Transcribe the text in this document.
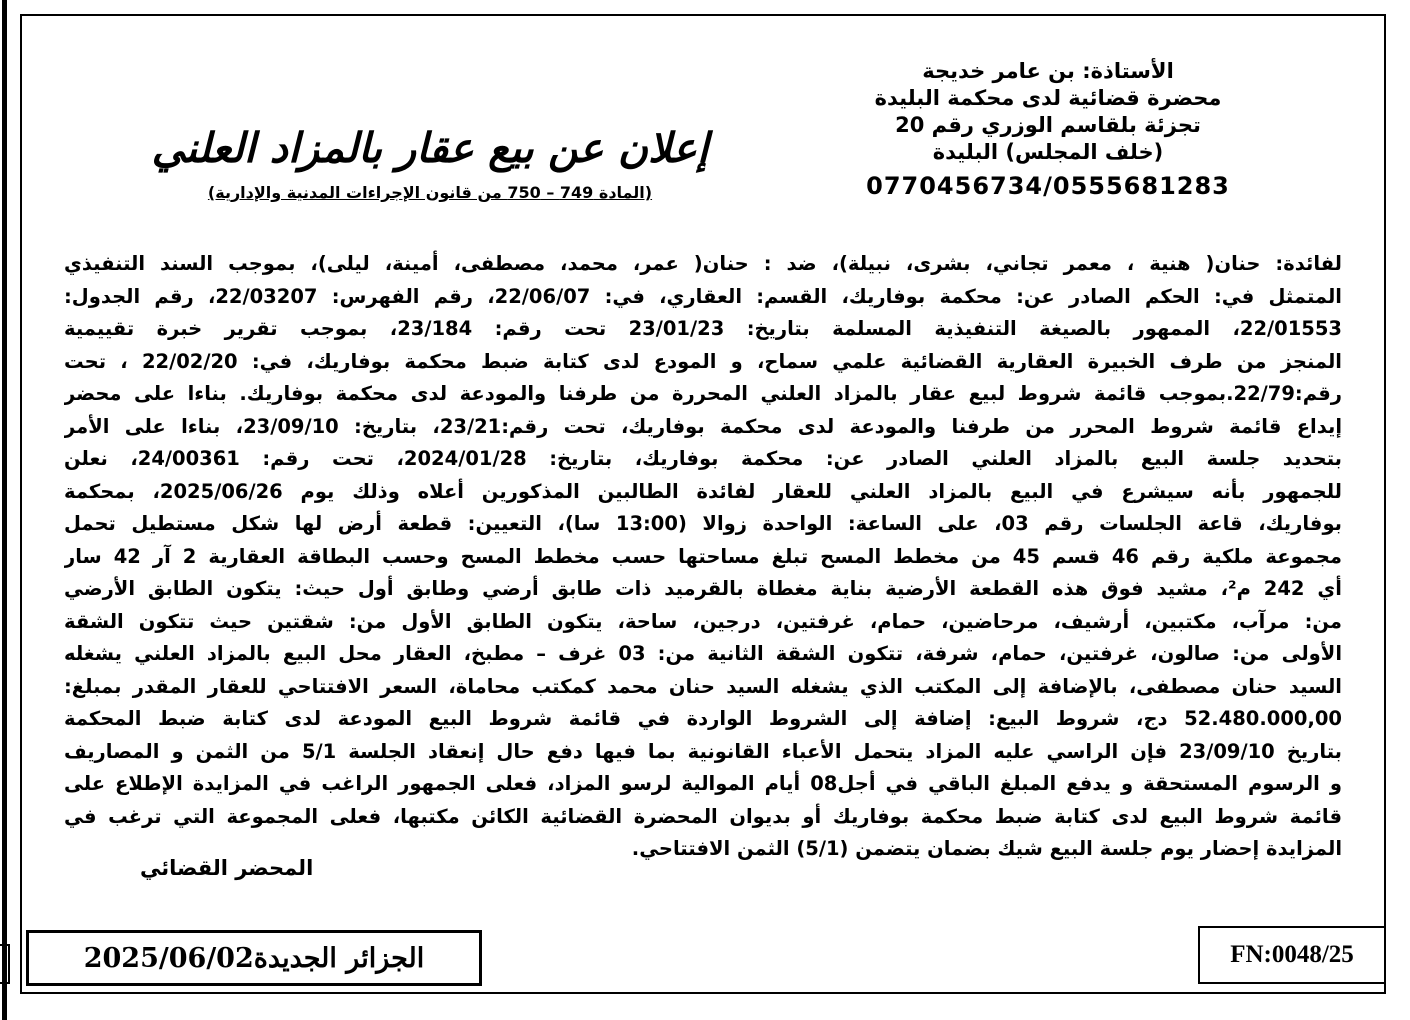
الأستاذة: بن عامر خديجة
محضرة قضائية لدى محكمة البليدة
تجزئة بلقاسم الوزري رقم 20
(خلف المجلس) البليدة
0770456734/0555681283
إعلان عن بيع عقار بالمزاد العلني
(المادة 749 – 750 من قانون الإجراءات المدنية والإدارية)
لفائدة: حنان( هنية ، معمر تجاني، بشرى، نبيلة)، ضد : حنان( عمر، محمد، مصطفى، أمينة، ليلى)، بموجب السند التنفيذي
المتمثل في: الحكم الصادر عن: محكمة بوفاريك، القسم: العقاري، في: 22/06/07، رقم الفهرس: 22/03207، رقم الجدول:
22/01553، الممهور بالصيغة التنفيذية المسلمة بتاريخ: 23/01/23 تحت رقم: 23/184، بموجب تقرير خبرة تقييمية
المنجز من طرف الخبيرة العقارية القضائية علمي سماح، و المودع لدى كتابة ضبط محكمة بوفاريك، في: 22/02/20 ، تحت
رقم:22/79.بموجب قائمة شروط لبيع عقار بالمزاد العلني المحررة من طرفنا والمودعة لدى محكمة بوفاريك. بناءا على محضر
إيداع قائمة شروط المحرر من طرفنا والمودعة لدى محكمة بوفاريك، تحت رقم:23/21، بتاريخ: 23/09/10، بناءا على الأمر
بتحديد جلسة البيع بالمزاد العلني الصادر عن: محكمة بوفاريك، بتاريخ: 2024/01/28، تحت رقم: 24/00361، نعلن
للجمهور بأنه سيشرع في البيع بالمزاد العلني للعقار لفائدة الطالبين المذكورين أعلاه وذلك يوم 2025/06/26، بمحكمة
بوفاريك، قاعة الجلسات رقم 03، على الساعة: الواحدة زوالا (13:00 سا)، التعيين: قطعة أرض لها شكل مستطيل تحمل
مجموعة ملكية رقم 46 قسم 45 من مخطط المسح تبلغ مساحتها حسب مخطط المسح وحسب البطاقة العقارية 2 آر 42 سار
أي 242 م²، مشيد فوق هذه القطعة الأرضية بناية مغطاة بالقرميد ذات طابق أرضي وطابق أول حيث: يتكون الطابق الأرضي
من: مرآب، مكتبين، أرشيف، مرحاضين، حمام، غرفتين، درجين، ساحة، يتكون الطابق الأول من: شقتين حيث تتكون الشقة
الأولى من: صالون، غرفتين، حمام، شرفة، تتكون الشقة الثانية من: 03 غرف – مطبخ، العقار محل البيع بالمزاد العلني يشغله
السيد حنان مصطفى، بالإضافة إلى المكتب الذي يشغله السيد حنان محمد كمكتب محاماة، السعر الافتتاحي للعقار المقدر بمبلغ:
52.480.000,00 دج، شروط البيع: إضافة إلى الشروط الواردة في قائمة شروط البيع المودعة لدى كتابة ضبط المحكمة
بتاريخ 23/09/10 فإن الراسي عليه المزاد يتحمل الأعباء القانونية بما فيها دفع حال إنعقاد الجلسة 5/1 من الثمن و المصاريف
و الرسوم المستحقة و يدفع المبلغ الباقي في أجل08 أيام الموالية لرسو المزاد، فعلى الجمهور الراغب في المزايدة الإطلاع على
قائمة شروط البيع لدى كتابة ضبط محكمة بوفاريك أو بديوان المحضرة القضائية الكائن مكتبها، فعلى المجموعة التي ترغب في
المزايدة إحضار يوم جلسة البيع شيك بضمان يتضمن (5/1) الثمن الافتتاحي.
المحضر القضائي
الجزائر الجديدة2025/06/02	FN:0048/25
